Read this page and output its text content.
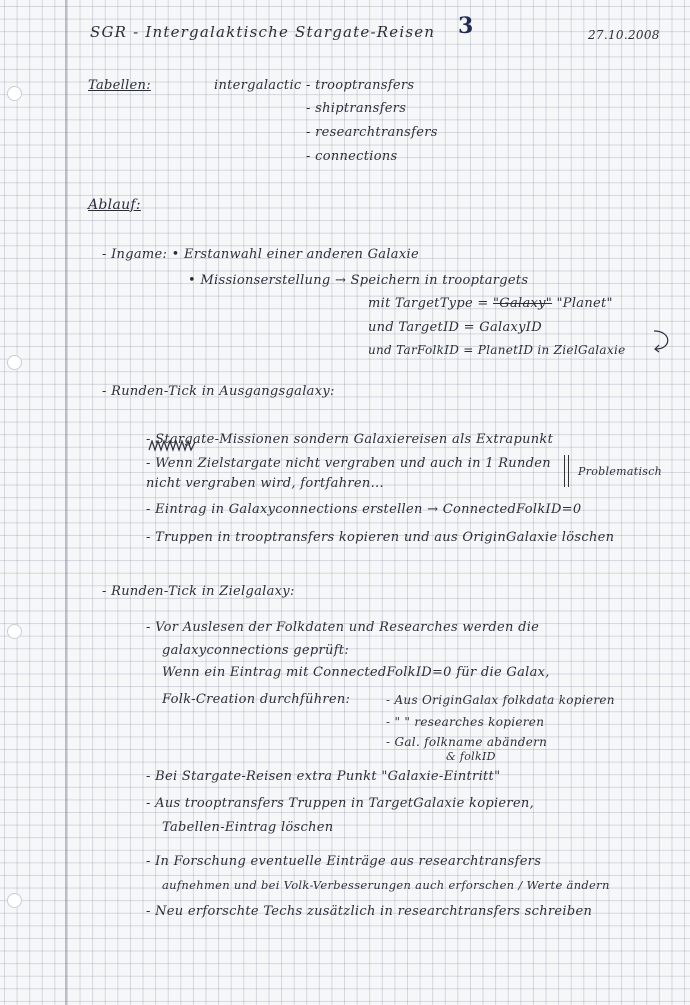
SGR - Intergalaktische Stargate-Reisen 3	27.10.2008
Tabellen:	intergalactic - trooptransfers
- shiptransfers
- researchtransfers
- connections
Ablauf:
- Ingame: • Erstanwahl einer anderen Galaxie
• Missionserstellung → Speichern in trooptargets
mit TargetType = "Galaxy" "Planet"
und TargetID = GalaxyID
und TarFolkID = PlanetID in ZielGalaxie
- Runden-Tick in Ausgangsgalaxy:
- Stargate-Missionen sondern Galaxiereisen als Extrapunkt
- Wenn Zielstargate nicht vergraben und auch in 1 Runden
nicht vergraben wird, fortfahren...
Problematisch
- Eintrag in Galaxyconnections erstellen → ConnectedFolkID=0
- Truppen in trooptransfers kopieren und aus OriginGalaxie löschen
- Runden-Tick in Zielgalaxy:
- Vor Auslesen der Folkdaten und Researches werden die
galaxyconnections geprüft:
Wenn ein Eintrag mit ConnectedFolkID=0 für die Galax,
Folk-Creation durchführen:	- Aus OriginGalax folkdata kopieren
- " " researches kopieren
- Gal. folkname abändern
& folkID
- Bei Stargate-Reisen extra Punkt "Galaxie-Eintritt"
- Aus trooptransfers Truppen in TargetGalaxie kopieren,
Tabellen-Eintrag löschen
- In Forschung eventuelle Einträge aus researchtransfers
aufnehmen und bei Volk-Verbesserungen auch erforschen / Werte ändern
- Neu erforschte Techs zusätzlich in researchtransfers schreiben
